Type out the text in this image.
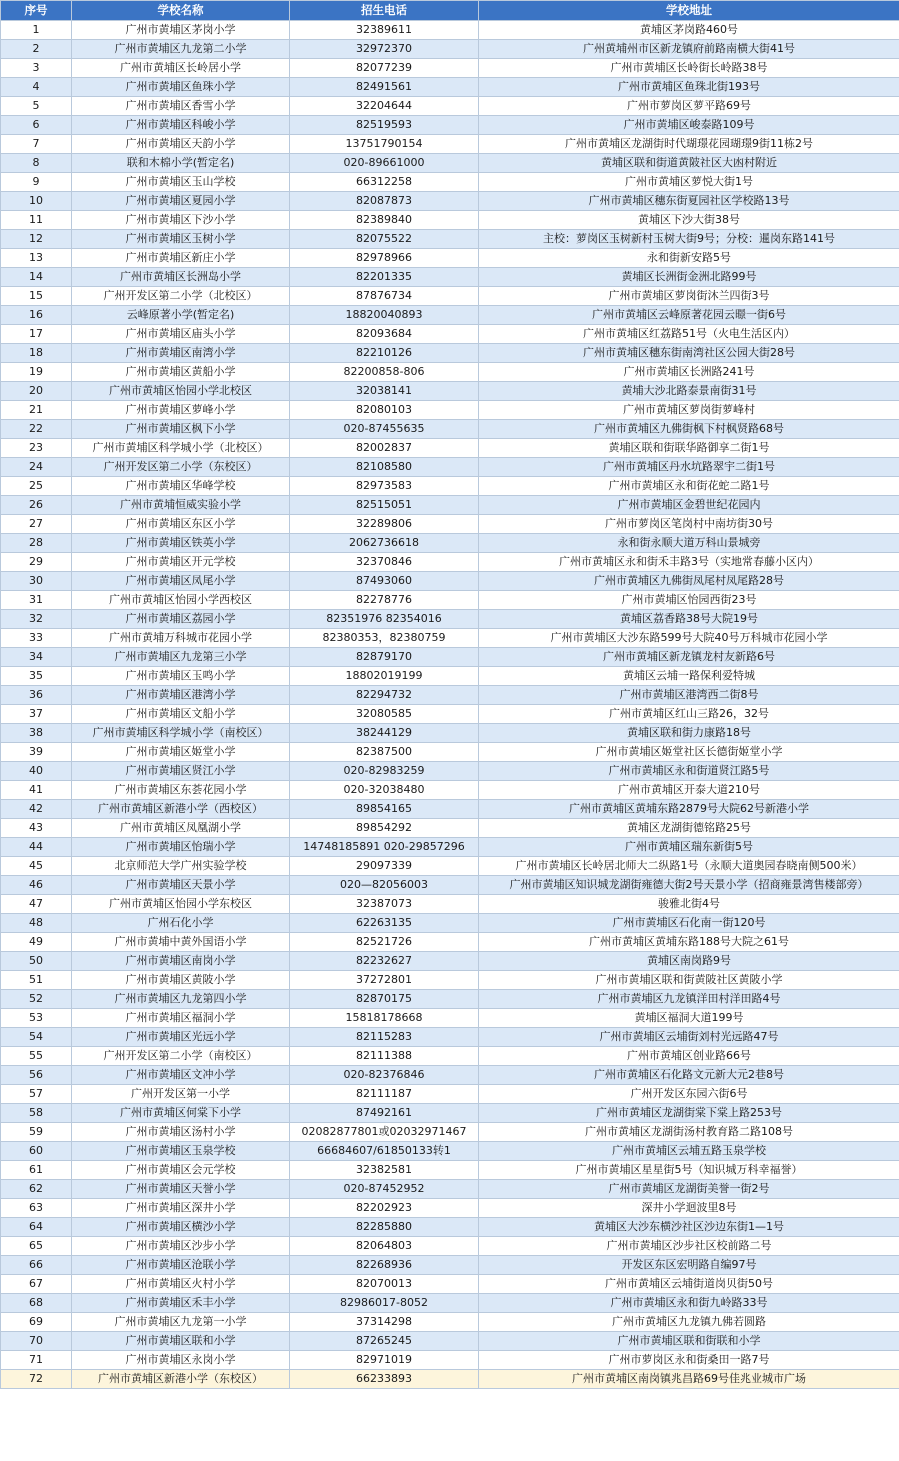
序号	学校名称	招生电话	学校地址
1	广州市黄埔区茅岗小学	32389611	黄埔区茅岗路460号
2	广州市黄埔区九龙第二小学	32972370	广州黄埔州市区新龙镇府前路南横大街41号
3	广州市黄埔区长岭居小学	82077239	广州市黄埔区长岭街长岭路38号
4	广州市黄埔区鱼珠小学	82491561	广州市黄埔区鱼珠北街193号
5	广州市黄埔区香雪小学	32204644	广州市萝岗区萝平路69号
6	广州市黄埔区科峻小学	82519593	广州市黄埔区峻泰路109号
7	广州市黄埔区天韵小学	13751790154	广州市黄埔区龙湖街时代瑚璟花园瑚璟9街11栋2号
8	联和木棉小学(暂定名)	020-89661000	黄埔区联和街道黄陂社区大凼村附近
9	广州市黄埔区玉山学校	66312258	广州市黄埔区萝悦大街1号
10	广州市黄埔区夏园小学	82087873	广州市黄埔区穗东街夏园社区学校路13号
11	广州市黄埔区下沙小学	82389840	黄埔区下沙大街38号
12	广州市黄埔区玉树小学	82075522	主校：萝岗区玉树新村玉树大街9号；分校：暹岗东路141号
13	广州市黄埔区新庄小学	82978966	永和街新安路5号
14	广州市黄埔区长洲岛小学	82201335	黄埔区长洲街金洲北路99号
15	广州开发区第二小学（北校区）	87876734	广州市黄埔区萝岗街沐兰四街3号
16	云峰原著小学(暂定名)	18820040893	广州市黄埔区云峰原著花园云暻一街6号
17	广州市黄埔区庙头小学	82093684	广州市黄埔区红荔路51号（火电生活区内）
18	广州市黄埔区南湾小学	82210126	广州市黄埔区穗东街南湾社区公园大街28号
19	广州市黄埔区黄船小学	82200858-806	广州市黄埔区长洲路241号
20	广州市黄埔区怡园小学北校区	32038141	黄埔大沙北路泰景南街31号
21	广州市黄埔区萝峰小学	82080103	广州市黄埔区萝岗街萝峰村
22	广州市黄埔区枫下小学	020-87455635	广州市黄埔区九佛街枫下村枫贤路68号
23	广州市黄埔区科学城小学（北校区）	82002837	黄埔区联和街联华路御享二街1号
24	广州开发区第二小学（东校区）	82108580	广州市黄埔区丹水坑路翠宇二街1号
25	广州市黄埔区华峰学校	82973583	广州市黄埔区永和街花蛇二路1号
26	广州市黄埔恒威实验小学	82515051	广州市黄埔区金碧世纪花园内
27	广州市黄埔区东区小学	32289806	广州市萝岗区笔岗村中南坊街30号
28	广州市黄埔区铁英小学	2062736618	永和街永顺大道万科山景城旁
29	广州市黄埔区开元学校	32370846	广州市黄埔区永和街禾丰路3号（实地常春藤小区内）
30	广州市黄埔区凤尾小学	87493060	广州市黄埔区九佛街凤尾村凤尾路28号
31	广州市黄埔区怡园小学西校区	82278776	广州市黄埔区怡园西街23号
32	广州市黄埔区荔园小学	82351976 82354016	黄埔区荔香路38号大院19号
33	广州市黄埔万科城市花园小学	82380353，82380759	广州市黄埔区大沙东路599号大院40号万科城市花园小学
34	广州市黄埔区九龙第三小学	82879170	广州市黄埔区新龙镇龙村友新路6号
35	广州市黄埔区玉鸣小学	18802019199	黄埔区云埔一路保利爱特城
36	广州市黄埔区港湾小学	82294732	广州市黄埔区港湾西二街8号
37	广州市黄埔区文船小学	32080585	广州市黄埔区红山三路26，32号
38	广州市黄埔区科学城小学（南校区）	38244129	黄埔区联和街力康路18号
39	广州市黄埔区姬堂小学	82387500	广州市黄埔区姬堂社区长德街姬堂小学
40	广州市黄埔区贤江小学	020-82983259	广州市黄埔区永和街道贤江路5号
41	广州市黄埔区东荟花园小学	020-32038480	广州市黄埔区开泰大道210号
42	广州市黄埔区新港小学（西校区）	89854165	广州市黄埔区黄埔东路2879号大院62号新港小学
43	广州市黄埔区凤凰湖小学	89854292	黄埔区龙湖街德铭路25号
44	广州市黄埔区怡瑞小学	14748185891 020-29857296	广州市黄埔区瑞东新街5号
45	北京师范大学广州实验学校	29097339	广州市黄埔区长岭居北师大二纵路1号（永顺大道奥园春晓南侧500米）
46	广州市黄埔区天景小学	020—82056003	广州市黄埔区知识城龙湖街雍德大街2号天景小学（招商雍景湾售楼部旁）
47	广州市黄埔区怡园小学东校区	32387073	骏雅北街4号
48	广州石化小学	62263135	广州市黄埔区石化南一街120号
49	广州市黄埔中黄外国语小学	82521726	广州市黄埔区黄埔东路188号大院之61号
50	广州市黄埔区南岗小学	82232627	黄埔区南岗路9号
51	广州市黄埔区黄陂小学	37272801	广州市黄埔区联和街黄陂社区黄陂小学
52	广州市黄埔区九龙第四小学	82870175	广州市黄埔区九龙镇洋田村洋田路4号
53	广州市黄埔区福洞小学	15818178668	黄埔区福洞大道199号
54	广州市黄埔区光远小学	82115283	广州市黄埔区云埔街刘村光远路47号
55	广州开发区第二小学（南校区）	82111388	广州市黄埔区创业路66号
56	广州市黄埔区文冲小学	020-82376846	广州市黄埔区石化路文元新大元2巷8号
57	广州开发区第一小学	82111187	广州开发区东园六街6号
58	广州市黄埔区何棠下小学	87492161	广州市黄埔区龙湖街棠下棠上路253号
59	广州市黄埔区汤村小学	02082877801或02032971467	广州市黄埔区龙湖街汤村教育路二路108号
60	广州市黄埔区玉泉学校	66684607/61850133转1	广州市黄埔区云埔五路玉泉学校
61	广州市黄埔区会元学校	32382581	广州市黄埔区星星街5号（知识城万科幸福誉）
62	广州市黄埔区天誉小学	020-87452952	广州市黄埔区龙湖街美誉一街2号
63	广州市黄埔区深井小学	82202923	深井小学迴波里8号
64	广州市黄埔区横沙小学	82285880	黄埔区大沙东横沙社区沙边东街1—1号
65	广州市黄埔区沙步小学	82064803	广州市黄埔区沙步社区校前路二号
66	广州市黄埔区沧联小学	82268936	开发区东区宏明路自编97号
67	广州市黄埔区火村小学	82070013	广州市黄埔区云埔街道岗贝街50号
68	广州市黄埔区禾丰小学	82986017-8052	广州市黄埔区永和街九岭路33号
69	广州市黄埔区九龙第一小学	37314298	广州市黄埔区九龙镇九佛若圆路
70	广州市黄埔区联和小学	87265245	广州市黄埔区联和街联和小学
71	广州市黄埔区永岗小学	82971019	广州市萝岗区永和街桑田一路7号
72	广州市黄埔区新港小学（东校区）	66233893	广州市黄埔区南岗镇兆昌路69号佳兆业城市广场
